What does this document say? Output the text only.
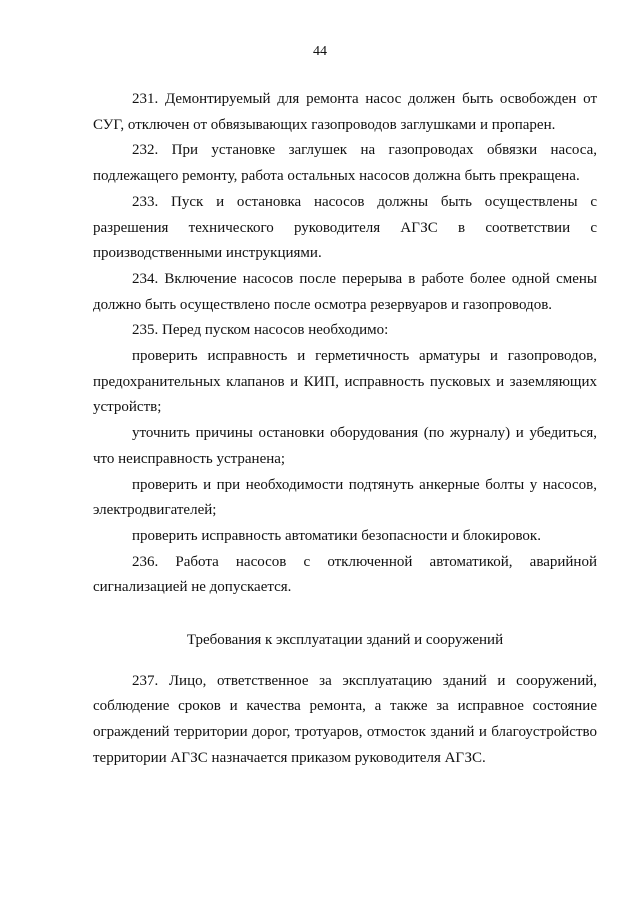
44

231. Демонтируемый для ремонта насос должен быть освобожден от СУГ, отключен от обвязывающих газопроводов заглушками и пропарен.

232. При установке заглушек на газопроводах обвязки насоса, подлежащего ремонту, работа остальных насосов должна быть прекращена.

233. Пуск и остановка насосов должны быть осуществлены с разрешения технического руководителя АГЗС в соответствии с производственными инструкциями.

234. Включение насосов после перерыва в работе более одной смены должно быть осуществлено после осмотра резервуаров и газопроводов.

235. Перед пуском насосов необходимо:

проверить исправность и герметичность арматуры и газопроводов, предохранительных клапанов и КИП, исправность пусковых и заземляющих устройств;

уточнить причины остановки оборудования (по журналу) и убедиться, что неисправность устранена;

проверить и при необходимости подтянуть анкерные болты у насосов, электродвигателей;

проверить исправность автоматики безопасности и блокировок.

236. Работа насосов с отключенной автоматикой, аварийной сигнализацией не допускается.

Требования к эксплуатации зданий и сооружений

237. Лицо, ответственное за эксплуатацию зданий и сооружений, соблюдение сроков и качества ремонта, а также за исправное состояние ограждений территории дорог, тротуаров, отмосток зданий и благоустройство территории АГЗС назначается приказом руководителя АГЗС.
